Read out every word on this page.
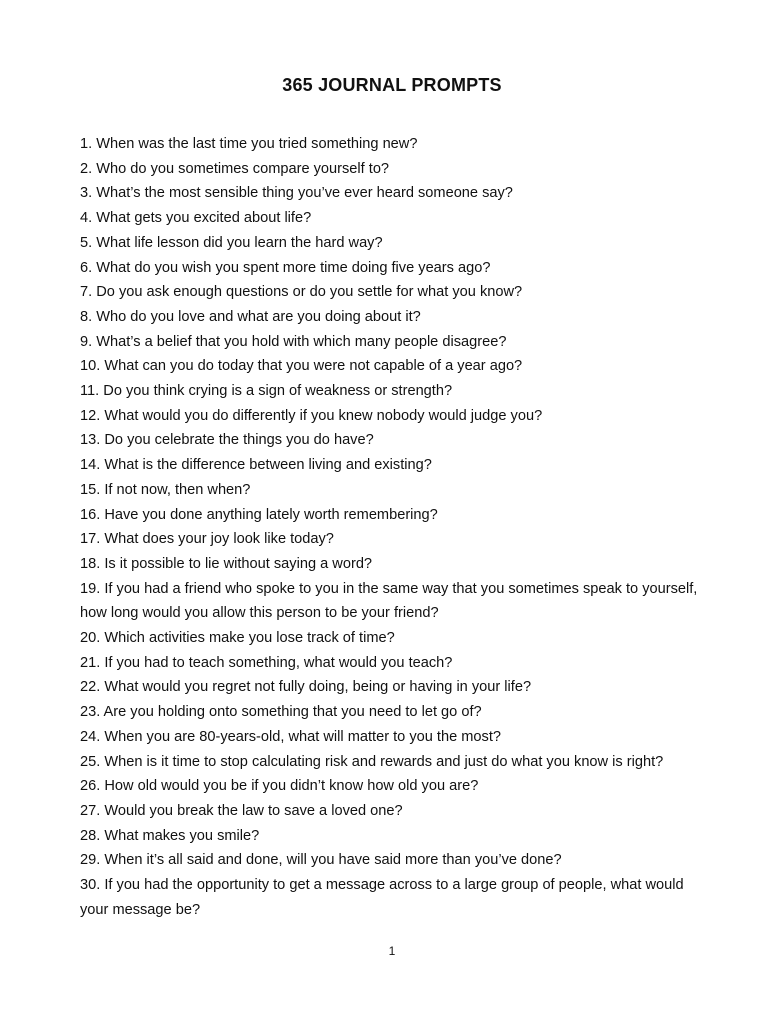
365 JOURNAL PROMPTS
1. When was the last time you tried something new?
2. Who do you sometimes compare yourself to?
3. What’s the most sensible thing you’ve ever heard someone say?
4. What gets you excited about life?
5. What life lesson did you learn the hard way?
6. What do you wish you spent more time doing five years ago?
7. Do you ask enough questions or do you settle for what you know?
8. Who do you love and what are you doing about it?
9. What’s a belief that you hold with which many people disagree?
10. What can you do today that you were not capable of a year ago?
11. Do you think crying is a sign of weakness or strength?
12. What would you do differently if you knew nobody would judge you?
13. Do you celebrate the things you do have?
14. What is the difference between living and existing?
15. If not now, then when?
16. Have you done anything lately worth remembering?
17. What does your joy look like today?
18. Is it possible to lie without saying a word?
19. If you had a friend who spoke to you in the same way that you sometimes speak to yourself, how long would you allow this person to be your friend?
20. Which activities make you lose track of time?
21. If you had to teach something, what would you teach?
22. What would you regret not fully doing, being or having in your life?
23. Are you holding onto something that you need to let go of?
24. When you are 80-years-old, what will matter to you the most?
25. When is it time to stop calculating risk and rewards and just do what you know is right?
26. How old would you be if you didn’t know how old you are?
27. Would you break the law to save a loved one?
28. What makes you smile?
29. When it’s all said and done, will you have said more than you’ve done?
30. If you had the opportunity to get a message across to a large group of people, what would your message be?
1
